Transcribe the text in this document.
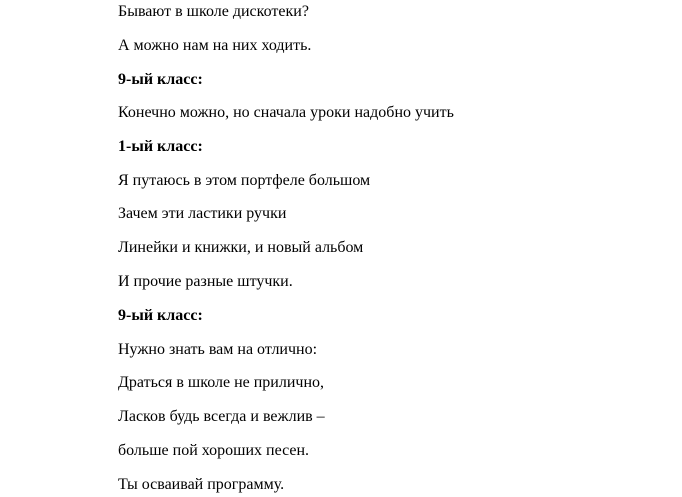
Бывают в школе дискотеки?

А можно нам на них ходить.

9-ый класс:

Конечно можно, но сначала уроки надобно учить

1-ый класс:

Я путаюсь в этом портфеле большом

Зачем эти ластики ручки

Линейки и книжки, и новый альбом

И прочие разные штучки.

9-ый класс:

Нужно знать вам на отлично:

Драться в школе не прилично,

Ласков будь всегда и вежлив –

больше пой хороших песен.

Ты осваивай программу.
